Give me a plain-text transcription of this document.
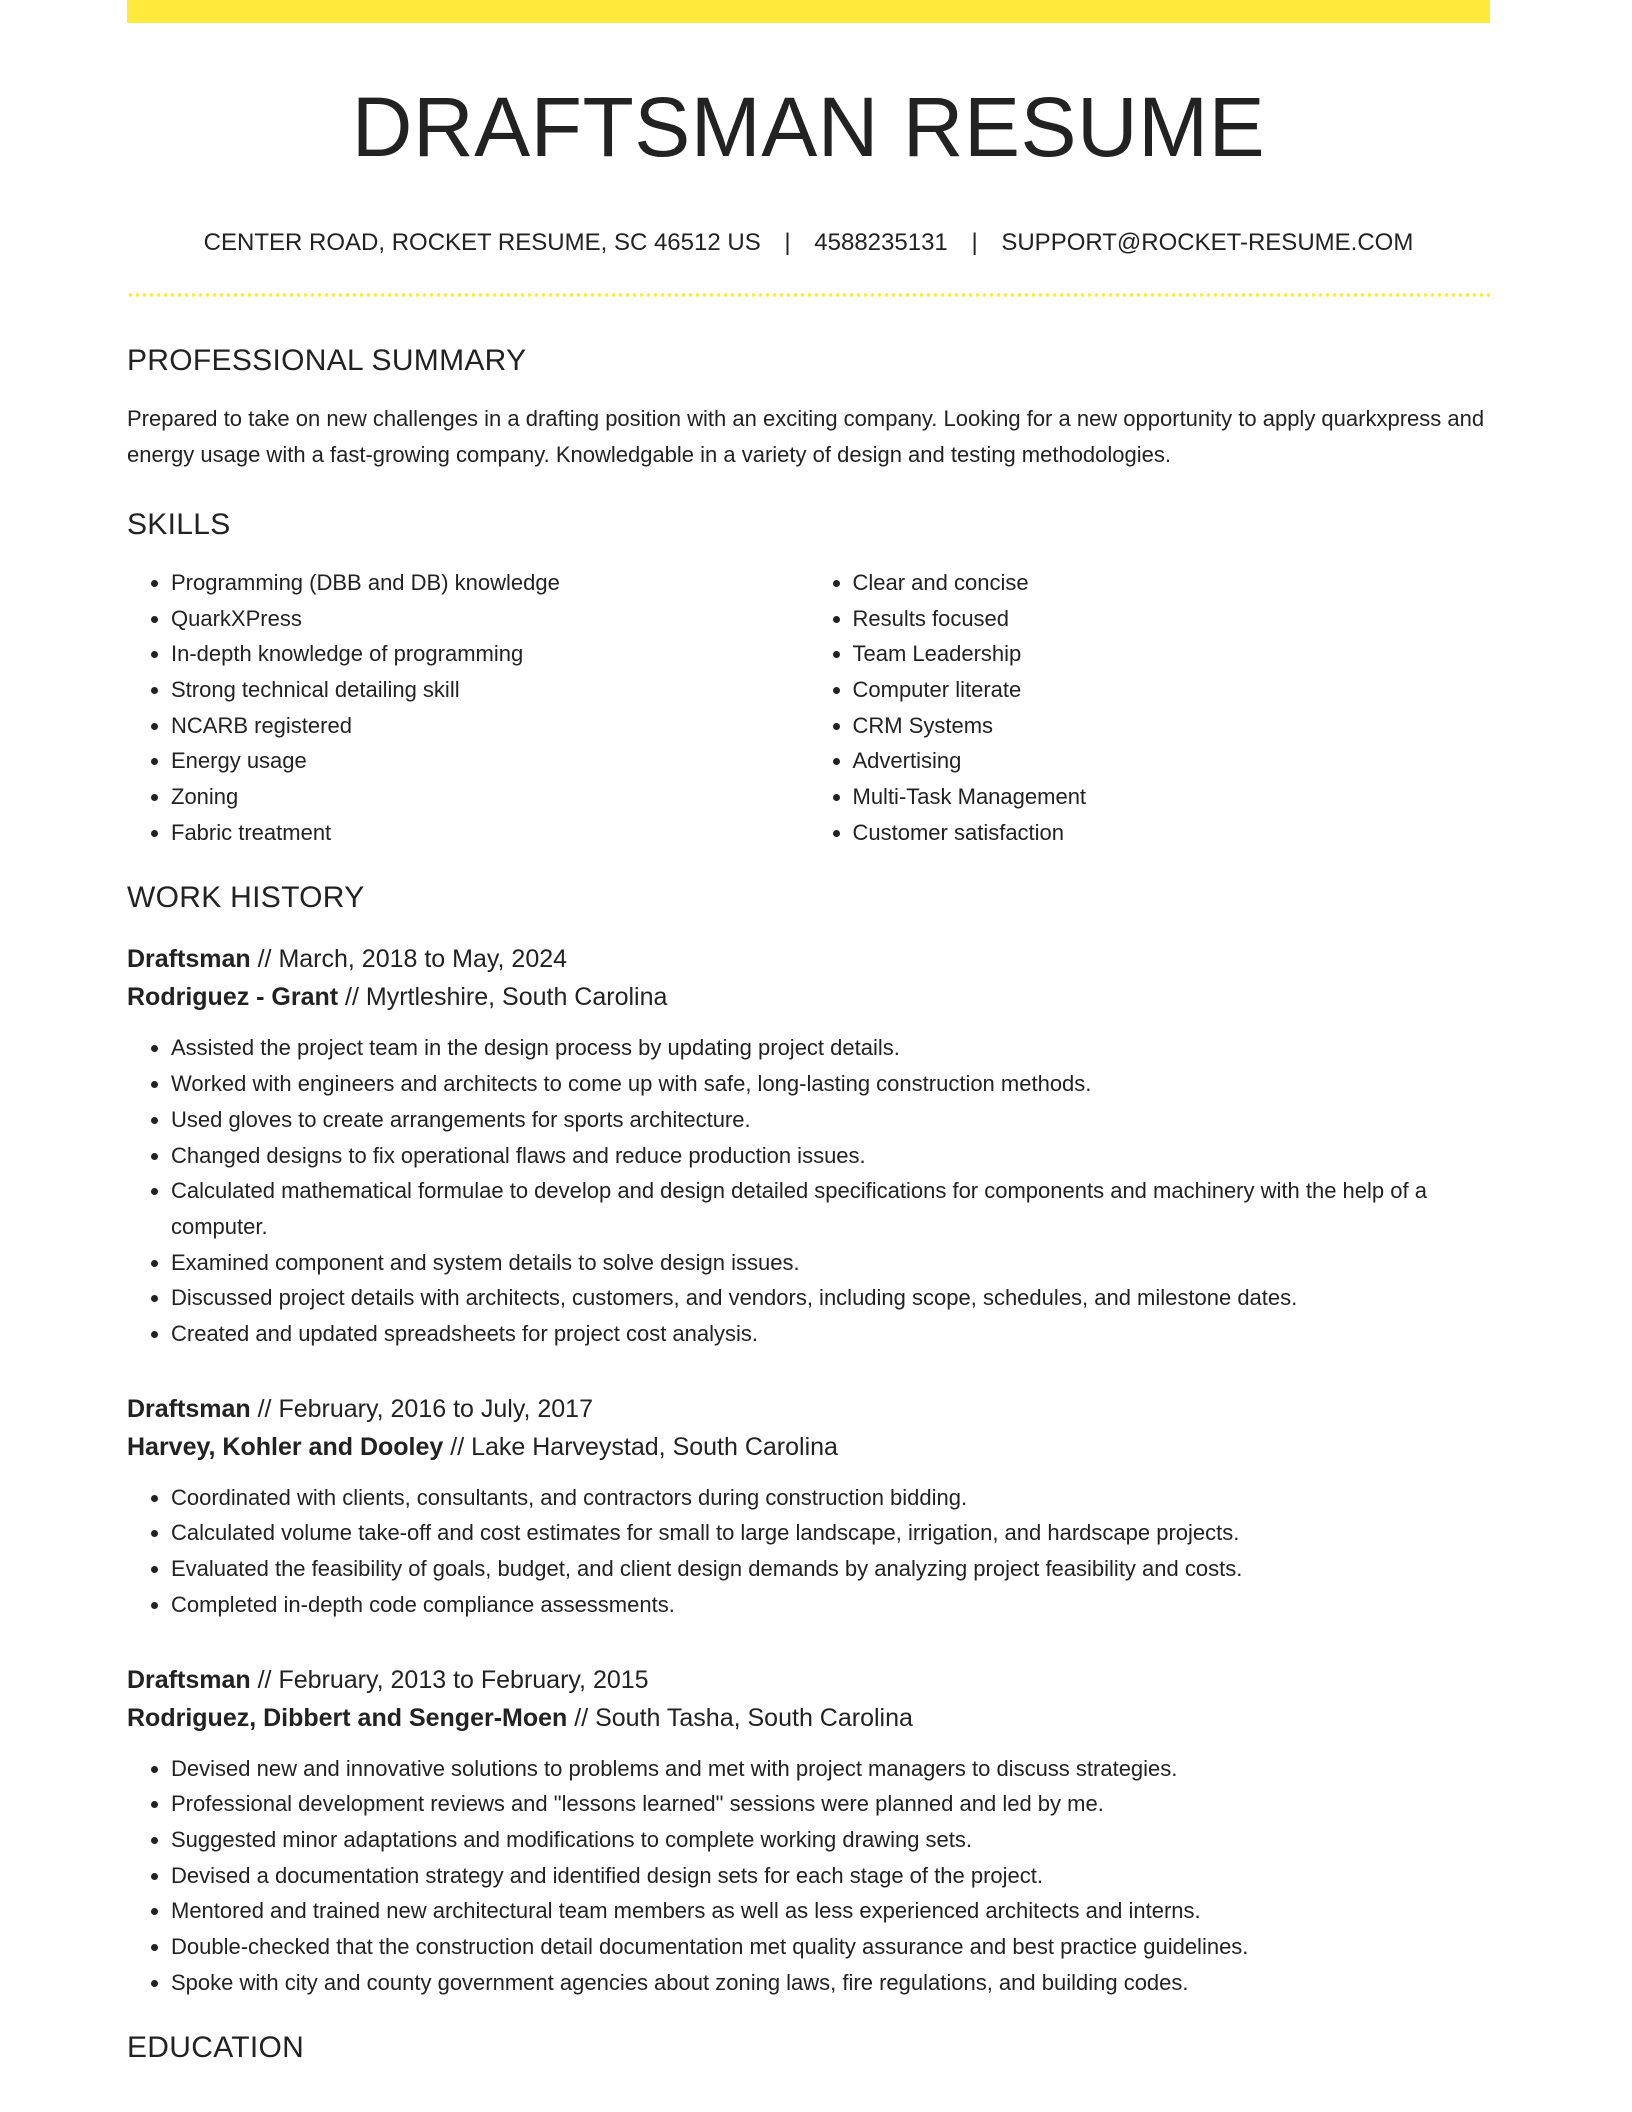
DRAFTSMAN RESUME
CENTER ROAD, ROCKET RESUME, SC 46512 US | 4588235131 | SUPPORT@ROCKET-RESUME.COM
PROFESSIONAL SUMMARY

Prepared to take on new challenges in a drafting position with an exciting company. Looking for a new opportunity to apply quarkxpress and energy usage with a fast-growing company. Knowledgable in a variety of design and testing methodologies.

SKILLS
• Programming (DBB and DB) knowledge
• QuarkXPress
• In-depth knowledge of programming
• Strong technical detailing skill
• NCARB registered
• Energy usage
• Zoning
• Fabric treatment
• Clear and concise
• Results focused
• Team Leadership
• Computer literate
• CRM Systems
• Advertising
• Multi-Task Management
• Customer satisfaction
WORK HISTORY
Draftsman // March, 2018 to May, 2024
Rodriguez - Grant // Myrtleshire, South Carolina
• Assisted the project team in the design process by updating project details.
• Worked with engineers and architects to come up with safe, long-lasting construction methods.
• Used gloves to create arrangements for sports architecture.
• Changed designs to fix operational flaws and reduce production issues.
• Calculated mathematical formulae to develop and design detailed specifications for components and machinery with the help of a computer.
• Examined component and system details to solve design issues.
• Discussed project details with architects, customers, and vendors, including scope, schedules, and milestone dates.
• Created and updated spreadsheets for project cost analysis.
Draftsman // February, 2016 to July, 2017
Harvey, Kohler and Dooley // Lake Harveystad, South Carolina
• Coordinated with clients, consultants, and contractors during construction bidding.
• Calculated volume take-off and cost estimates for small to large landscape, irrigation, and hardscape projects.
• Evaluated the feasibility of goals, budget, and client design demands by analyzing project feasibility and costs.
• Completed in-depth code compliance assessments.
Draftsman // February, 2013 to February, 2015
Rodriguez, Dibbert and Senger-Moen // South Tasha, South Carolina
• Devised new and innovative solutions to problems and met with project managers to discuss strategies.
• Professional development reviews and "lessons learned" sessions were planned and led by me.
• Suggested minor adaptations and modifications to complete working drawing sets.
• Devised a documentation strategy and identified design sets for each stage of the project.
• Mentored and trained new architectural team members as well as less experienced architects and interns.
• Double-checked that the construction detail documentation met quality assurance and best practice guidelines.
• Spoke with city and county government agencies about zoning laws, fire regulations, and building codes.
EDUCATION
